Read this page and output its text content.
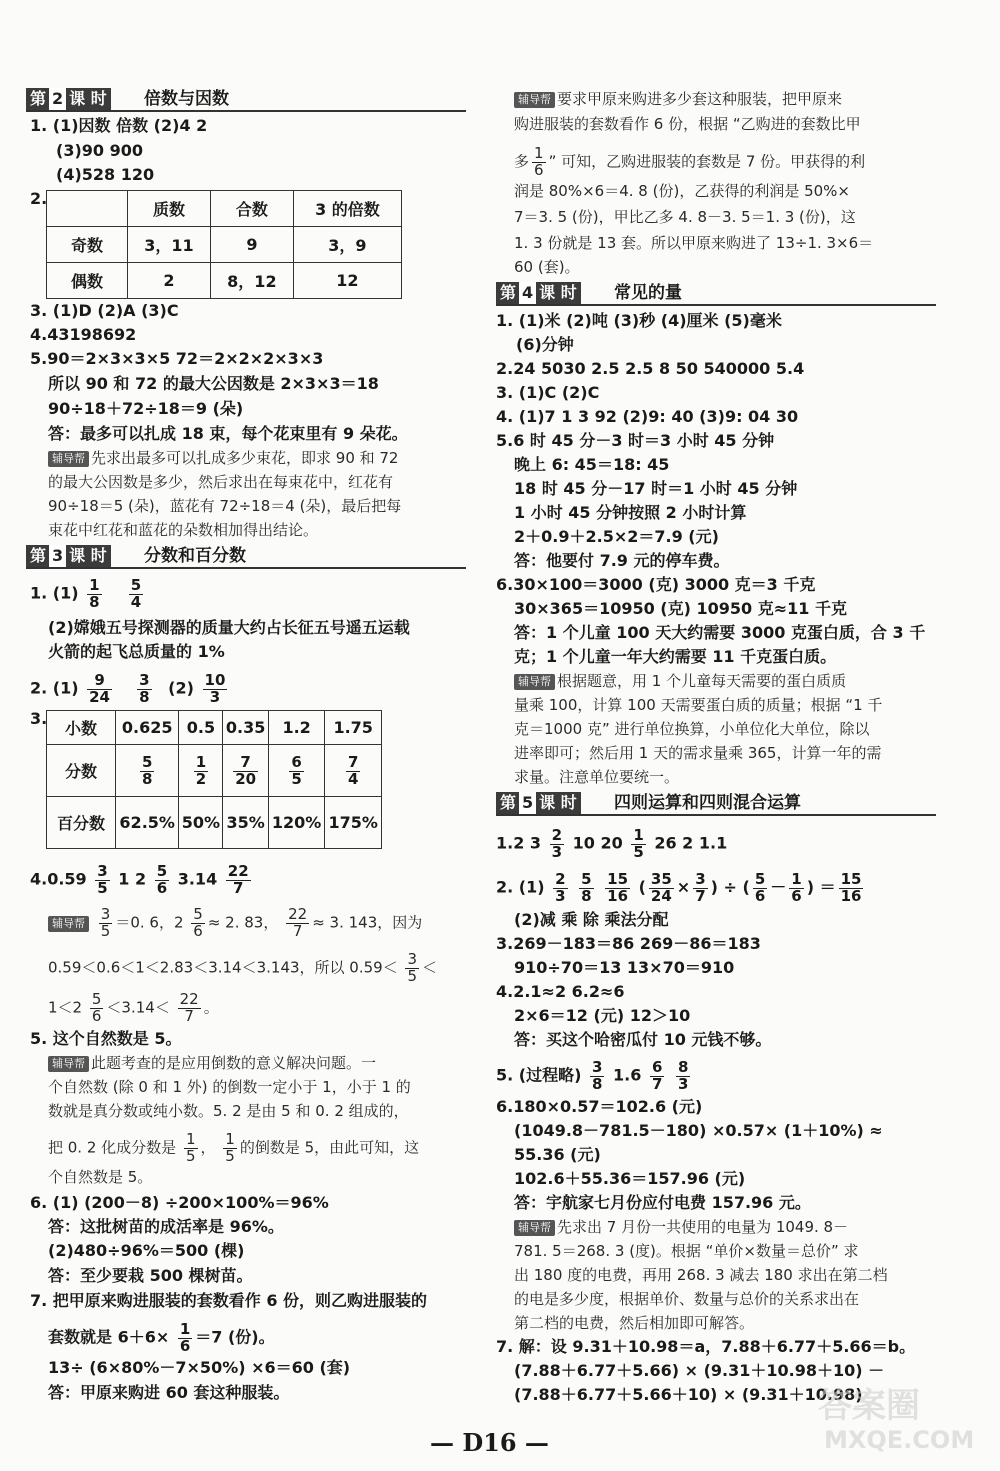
第 2 课 时 倍数与因数
1. (1)因数 倍数 (2)4 2
(3)90 900
(4)528 120
2.
	质数	合数	3 的倍数
奇数	3，11	9	3，9
偶数	2	8，12	12
3. (1)D (2)A (3)C
4.43198692
5.90＝2×3×3×5 72＝2×2×2×3×3
所以 90 和 72 的最大公因数是 2×3×3＝18
90÷18＋72÷18＝9 (朵)
答：最多可以扎成 18 束，每个花束里有 9 朵花。
辅导帮 先求出最多可以扎成多少束花，即求 90 和 72
的最大公因数是多少，然后求出在每束花中，红花有
90÷18＝5 (朵)，蓝花有 72÷18＝4 (朵)，最后把每
束花中红花和蓝花的朵数相加得出结论。
第 3 课 时 分数和百分数
1. $(1) \frac{1}{8}$
$\frac{5}{4}$
(2)嫦娥五号探测器的质量大约占长征五号遥五运载
火箭的起飞总质量的 1%
2. $(1) \frac{9}{24}$
$\frac{3}{8} (2) \frac{10}{3}$
3.
小数	0.625	0.5	0.35	1.2	1.75
分数	$\frac{5}{8}$	$\frac{1}{2}$	$\frac{7}{20}$	$\frac{6}{5}$	$\frac{7}{4}$

百分数	62.5%	50%	35%	120%	175%
$4.0.59 \frac{3}{5} 1$ $2 \frac{5}{6} 3.14 \frac{22}{7}$
辅导帮 $\frac{3}{5} =0$. 6，$2 \frac{5}{6} \approx 2$. 83， $\frac{22}{7} \approx 3$. 143，因为
0.59＜0.6＜1＜2.83＜3.14＜3.143，所以 $0.59< \frac{3}{5}$ ＜
$1<2 \frac{5}{6} <3.14< \frac{22}{7}$ 。
5. 这个自然数是 5。
辅导帮 此题考查的是应用倒数的意义解决问题。一
个自然数 (除 0 和 1 外) 的倒数一定小于 1，小于 1 的
数就是真分数或纯小数。5. 2 是由 5 和 0. 2 组成的，
把 0. 2 化成分数是 $\frac{1}{5}$ ， $\frac{1}{5}$ 的倒数是 5，由此可知，这
个自然数是 5。
6. (1) (200－8) ÷200×100%＝96%
答：这批树苗的成活率是 96%。
(2)480÷96%＝500 (棵)
答：至少要栽 500 棵树苗。
7. 把甲原来购进服装的套数看作 6 份，则乙购进服装的
套数就是 $6+6\times \frac{1}{6} =7$ (份)。
13÷ (6×80%－7×50%) ×6＝60 (套)
答：甲原来购进 60 套这种服装。
辅导帮 要求甲原来购进多少套这种服装，把甲原来
购进服装的套数看作 6 份，根据 “乙购进的套数比甲
多 $\frac{1}{6}$ ” 可知，乙购进服装的套数是 7 份。甲获得的利
润是 80%×6＝4. 8 (份)，乙获得的利润是 50%×
7＝3. 5 (份)，甲比乙多 4. 8－3. 5＝1. 3 (份)，这
1. 3 份就是 13 套。所以甲原来购进了 13÷1. 3×6＝
60 (套)。
第 4 课 时 常见的量
1. (1)米 (2)吨 (3)秒 (4)厘米 (5)毫米
(6)分钟
2.24 5030 2.5 2.5 8 50 540000 5.4
3. (1)C (2)C
4. (1)7 1 3 92 (2)9: 40 (3)9: 04 30
5.6 时 45 分－3 时＝3 小时 45 分钟
晚上 6: 45＝18: 45
18 时 45 分－17 时＝1 小时 45 分钟
1 小时 45 分钟按照 2 小时计算
2＋0.9＋2.5×2＝7.9 (元)
答：他要付 7.9 元的停车费。
6.30×100＝3000 (克) 3000 克＝3 千克
30×365＝10950 (克) 10950 克≈11 千克
答：1 个儿童 100 天大约需要 3000 克蛋白质，合 3 千
克；1 个儿童一年大约需要 11 千克蛋白质。
辅导帮 根据题意，用 1 个儿童每天需要的蛋白质质
量乘 100，计算 100 天需要蛋白质的质量；根据 “1 千
克＝1000 克” 进行单位换算，小单位化大单位，除以
进率即可；然后用 1 天的需求量乘 365，计算一年的需
求量。注意单位要统一。
第 5 课 时 四则运算和四则混合运算
1.2 $3 \frac{2}{3} 10$ $20 \frac{1}{5} 26$ 2 1.1
2. $(1) \frac{2}{3}$
$\frac{5}{8}$
$\frac{15}{16}$ ( $\frac{35}{24} \times \frac{3}{7}$ ) ÷ ( $\frac{5}{6} - \frac{1}{6}$ ) ＝ $\frac{15}{16}$
(2)减 乘 除 乘法分配
3.269－183＝86 269－86＝183
910÷70＝13 13×70＝910
4.2.1≈2 6.2≈6
2×6＝12 (元) 12＞10
答：买这个哈密瓜付 10 元钱不够。
5. (过程略) $\frac{3}{8} 1.6 \frac{6}{7}$
$\frac{8}{3}$
6.180×0.57＝102.6 (元)
(1049.8－781.5－180) ×0.57× (1＋10%) ≈
55.36 (元)
102.6＋55.36＝157.96 (元)
答：宇航家七月份应付电费 157.96 元。
辅导帮 先求出 7 月份一共使用的电量为 1049. 8－
781. 5＝268. 3 (度)。根据 “单价×数量＝总价” 求
出 180 度的电费，再用 268. 3 减去 180 求出在第二档
的电是多少度，根据单价、数量与总价的关系求出在
第二档的电费，然后相加即可解答。
7. 解：设 9.31＋10.98＝a，7.88＋6.77＋5.66＝b。
(7.88＋6.77＋5.66) × (9.31＋10.98＋10) －
(7.88＋6.77＋5.66＋10) × (9.31＋10.98)
— D16 —
答案圈
MXQE.COM
